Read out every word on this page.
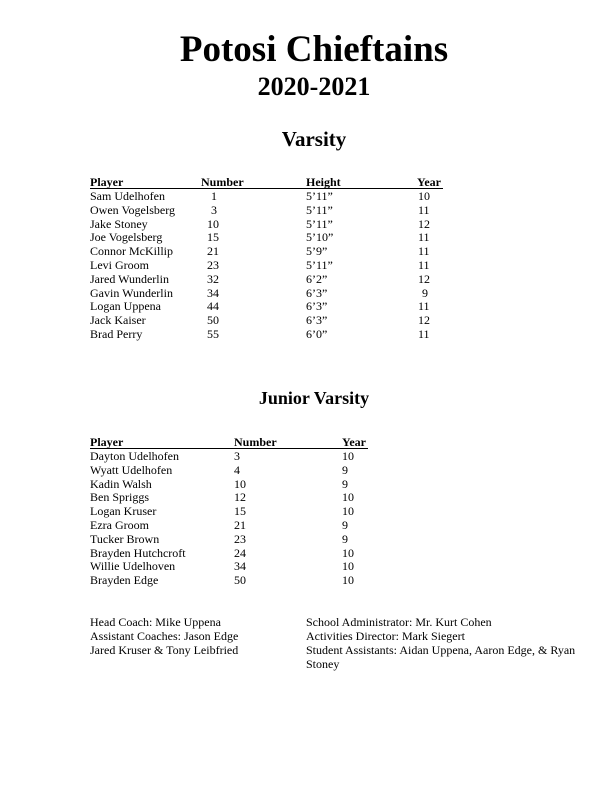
Potosi Chieftains
2020-2021
Varsity
Player	Number	Height	Year
Sam Udelhofen	1	5’11”	10
Owen Vogelsberg	3	5’11”	11
Jake Stoney	10	5’11”	12
Joe Vogelsberg	15	5’10”	11
Connor McKillip	21	5’9”	11
Levi Groom	23	5’11”	11
Jared Wunderlin	32	6’2”	12
Gavin Wunderlin	34	6’3”	9
Logan Uppena	44	6’3”	11
Jack Kaiser	50	6’3”	12
Brad Perry	55	6’0”	11
Junior Varsity
Player	Number	Year
Dayton Udelhofen	3	10
Wyatt Udelhofen	4	9
Kadin Walsh	10	9
Ben Spriggs	12	10
Logan Kruser	15	10
Ezra Groom	21	9
Tucker Brown	23	9
Brayden Hutchcroft	24	10
Willie Udelhoven	34	10
Brayden Edge	50	10
Head Coach: Mike Uppena
Assistant Coaches: Jason Edge
Jared Kruser & Tony Leibfried
School Administrator: Mr. Kurt Cohen
Activities Director: Mark Siegert
Student Assistants: Aidan Uppena, Aaron Edge, & Ryan Stoney
